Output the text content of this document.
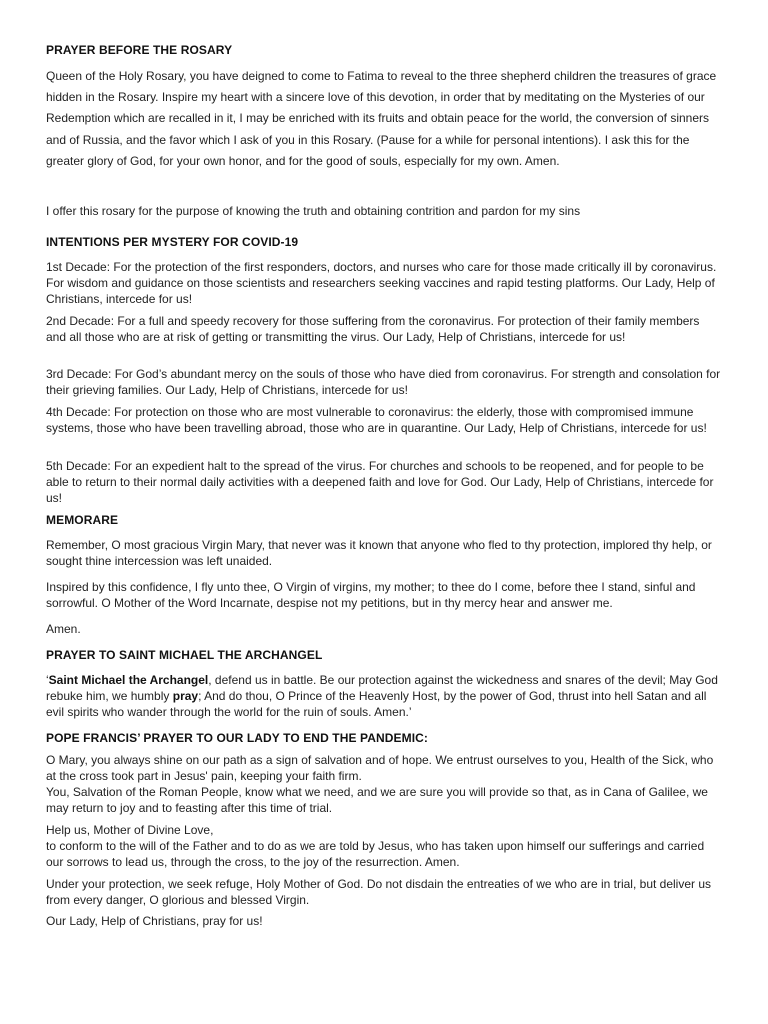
PRAYER BEFORE THE ROSARY
Queen of the Holy Rosary, you have deigned to come to Fatima to reveal to the three shepherd children the treasures of grace hidden in the Rosary. Inspire my heart with a sincere love of this devotion, in order that by meditating on the Mysteries of our Redemption which are recalled in it, I may be enriched with its fruits and obtain peace for the world, the conversion of sinners and of Russia, and the favor which I ask of you in this Rosary. (Pause for a while for personal intentions). I ask this for the greater glory of God, for your own honor, and for the good of souls, especially for my own. Amen.
I offer this rosary for the purpose of knowing the truth and obtaining contrition and pardon for my sins
INTENTIONS PER MYSTERY FOR COVID-19
1st Decade: For the protection of the first responders, doctors, and nurses who care for those made critically ill by coronavirus. For wisdom and guidance on those scientists and researchers seeking vaccines and rapid testing platforms. Our Lady, Help of Christians, intercede for us!
2nd Decade: For a full and speedy recovery for those suffering from the coronavirus. For protection of their family members and all those who are at risk of getting or transmitting the virus. Our Lady, Help of Christians, intercede for us!
3rd Decade: For God’s abundant mercy on the souls of those who have died from coronavirus. For strength and consolation for their grieving families. Our Lady, Help of Christians, intercede for us!
4th Decade: For protection on those who are most vulnerable to coronavirus: the elderly, those with compromised immune systems, those who have been travelling abroad, those who are in quarantine. Our Lady, Help of Christians, intercede for us!
5th Decade: For an expedient halt to the spread of the virus. For churches and schools to be reopened, and for people to be able to return to their normal daily activities with a deepened faith and love for God. Our Lady, Help of Christians, intercede for us!
MEMORARE
Remember, O most gracious Virgin Mary, that never was it known that anyone who fled to thy protection, implored thy help, or sought thine intercession was left unaided.
Inspired by this confidence, I fly unto thee, O Virgin of virgins, my mother; to thee do I come, before thee I stand, sinful and sorrowful. O Mother of the Word Incarnate, despise not my petitions, but in thy mercy hear and answer me.
Amen.
PRAYER TO SAINT MICHAEL THE ARCHANGEL
‘Saint Michael the Archangel, defend us in battle. Be our protection against the wickedness and snares of the devil; May God rebuke him, we humbly pray; And do thou, O Prince of the Heavenly Host, by the power of God, thrust into hell Satan and all evil spirits who wander through the world for the ruin of souls. Amen.’
POPE FRANCIS’ PRAYER TO OUR LADY TO END THE PANDEMIC:
O Mary, you always shine on our path as a sign of salvation and of hope. We entrust ourselves to you, Health of the Sick, who at the cross took part in Jesus' pain, keeping your faith firm.
You, Salvation of the Roman People, know what we need, and we are sure you will provide so that, as in Cana of Galilee, we may return to joy and to feasting after this time of trial.
Help us, Mother of Divine Love,
to conform to the will of the Father and to do as we are told by Jesus, who has taken upon himself our sufferings and carried our sorrows to lead us, through the cross, to the joy of the resurrection. Amen.
Under your protection, we seek refuge, Holy Mother of God. Do not disdain the entreaties of we who are in trial, but deliver us from every danger, O glorious and blessed Virgin.
Our Lady, Help of Christians, pray for us!
